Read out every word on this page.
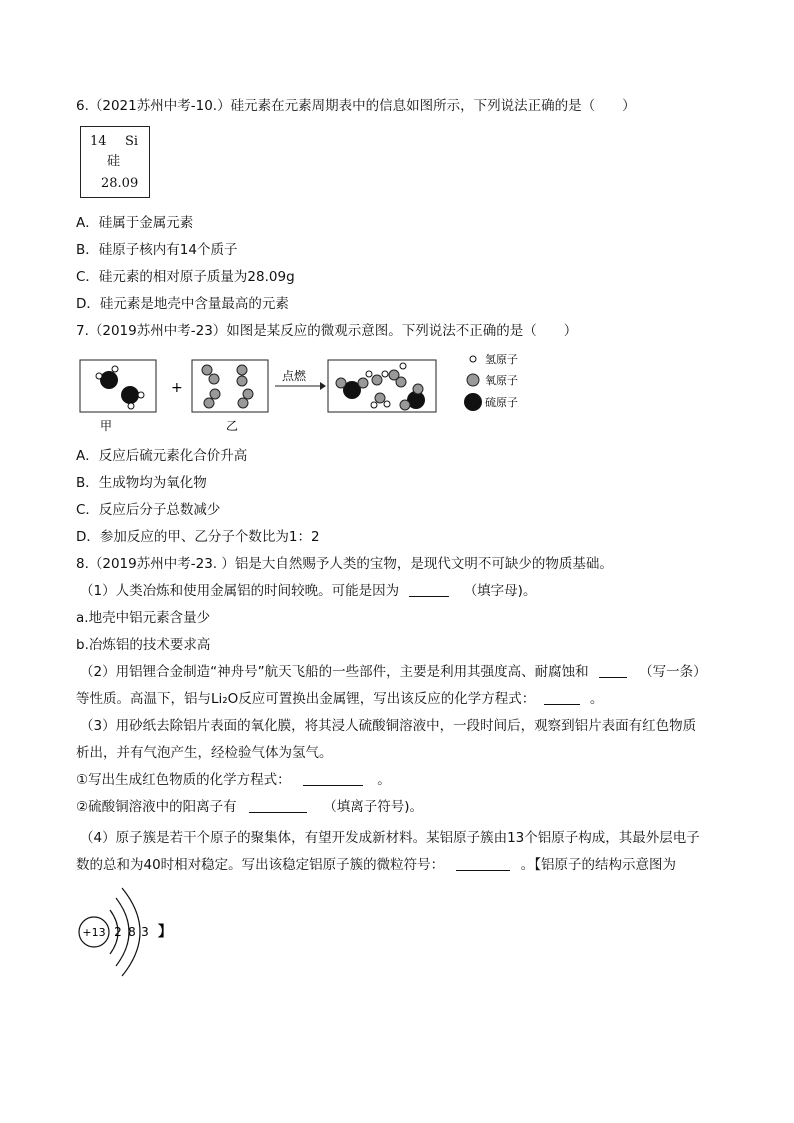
6.（2021苏州中考-10.）硅元素在元素周期表中的信息如图所示，下列说法正确的是（　　）
14 Si
硅
28.09
A．硅属于金属元素
B．硅原子核内有14个质子
C．硅元素的相对原子质量为28.09g
D．硅元素是地壳中含量最高的元素
7.（2019苏州中考-23）如图是某反应的微观示意图。下列说法不正确的是（　　）
+
点燃
氢原子
氧原子
硫原子
甲	乙
A．反应后硫元素化合价升高
B．生成物均为氧化物
C．反应后分子总数减少
D．参加反应的甲、乙分子个数比为1：2
8.（2019苏州中考-23. ）铝是大自然赐予人类的宝物，是现代文明不可缺少的物质基础。
（1）人类冶炼和使用金属铝的时间较晚。可能是因为	（填字母)。
a.地壳中铝元素含量少
b.冶炼铝的技术要求高
（2）用铝锂合金制造“神舟号”航天飞船的一些部件，主要是利用其强度高、耐腐蚀和	（写一条）
等性质。高温下，铝与Li₂O反应可置换出金属锂，写出该反应的化学方程式：	。
（3）用砂纸去除铝片表面的氧化膜，将其浸人硫酸铜溶液中，一段时间后，观察到铝片表面有红色物质
析出，并有气泡产生，经检验气体为氢气。
①写出生成红色物质的化学方程式：	。
②硫酸铜溶液中的阳离子有	（填离子符号)。
（4）原子簇是若干个原子的聚集体，有望开发成新材料。某铝原子簇由13个铝原子构成，其最外层电子
数的总和为40时相对稳定。写出该稳定铝原子簇的微粒符号：	。【铝原子的结构示意图为
+13 2 8 3 】
